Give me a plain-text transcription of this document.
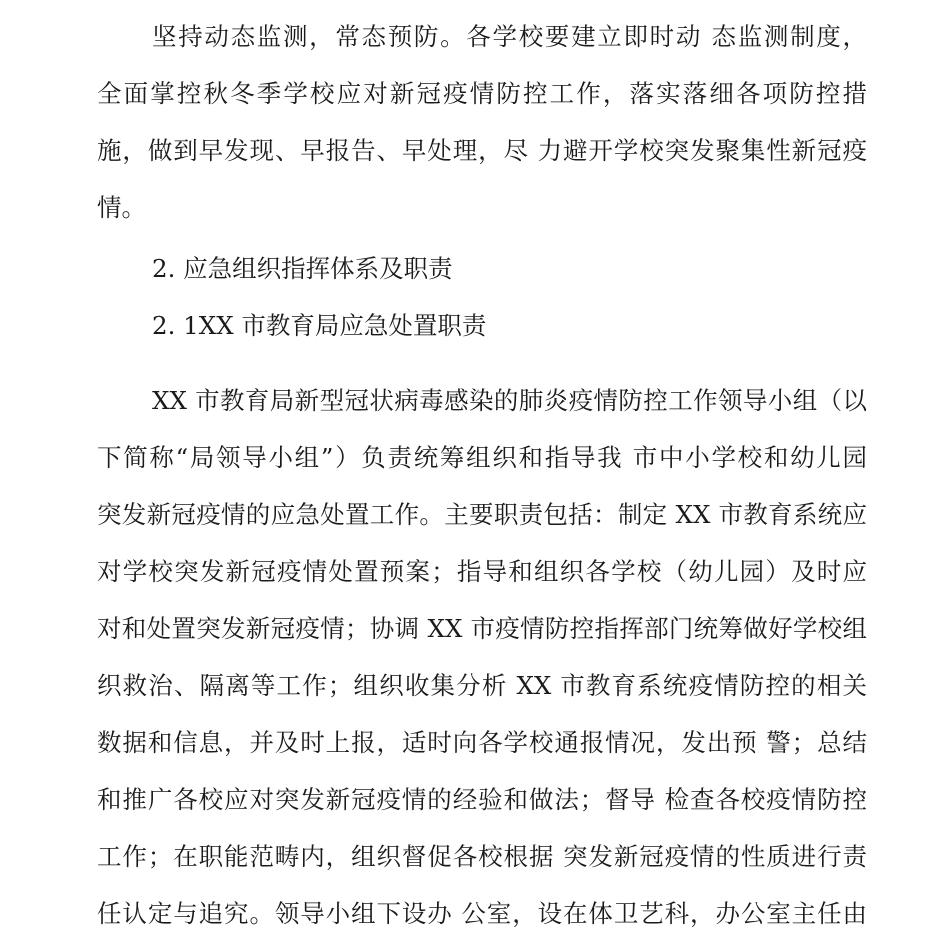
坚持动态监测，常态预防。各学校要建立即时动 态监测制度，
全面掌控秋冬季学校应对新冠疫情防控工作，落实落细各项防控措
施，做到早发现、早报告、早处理，尽 力避开学校突发聚集性新冠疫
情。
2. 应急组织指挥体系及职责
2. 1XX 市教育局应急处置职责
XX 市教育局新型冠状病毒感染的肺炎疫情防控工作领导小组（以
下简称“局领导小组”）负责统筹组织和指导我 市中小学校和幼儿园
突发新冠疫情的应急处置工作。主要职责包括：制定 XX 市教育系统应
对学校突发新冠疫情处置预案；指导和组织各学校（幼儿园）及时应
对和处置突发新冠疫情；协调 XX 市疫情防控指挥部门统筹做好学校组
织救治、隔离等工作；组织收集分析 XX 市教育系统疫情防控的相关
数据和信息，并及时上报，适时向各学校通报情况，发出预 警；总结
和推广各校应对突发新冠疫情的经验和做法；督导 检查各校疫情防控
工作；在职能范畴内，组织督促各校根据 突发新冠疫情的性质进行责
任认定与追究。领导小组下设办 公室，设在体卫艺科，办公室主任由
